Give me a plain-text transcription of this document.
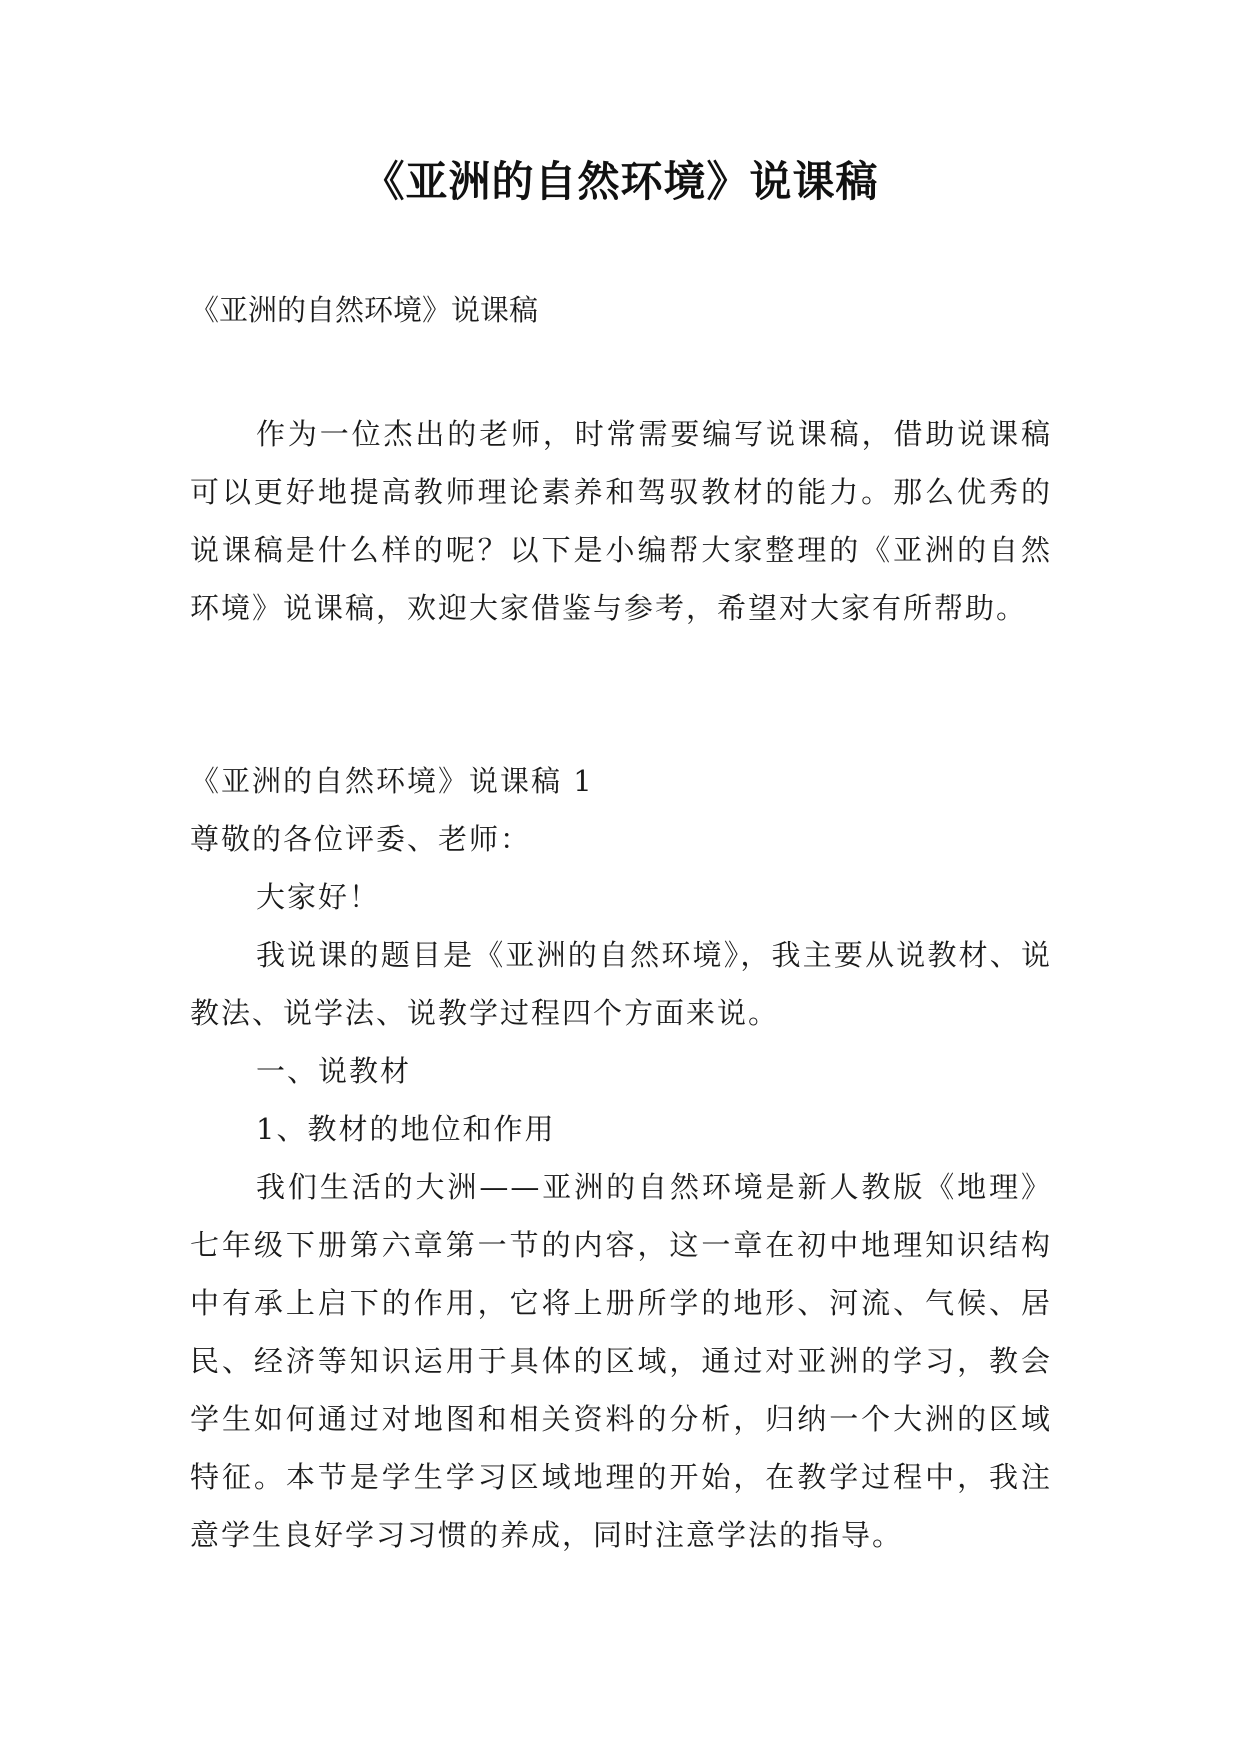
《亚洲的自然环境》说课稿
《亚洲的自然环境》说课稿

作为一位杰出的老师，时常需要编写说课稿，借助说课稿可以更好地提高教师理论素养和驾驭教材的能力。那么优秀的说课稿是什么样的呢？以下是小编帮大家整理的《亚洲的自然环境》说课稿，欢迎大家借鉴与参考，希望对大家有所帮助。

《亚洲的自然环境》说课稿 1

尊敬的各位评委、老师：

大家好！

我说课的题目是《亚洲的自然环境》，我主要从说教材、说教法、说学法、说教学过程四个方面来说。

一、说教材

1、教材的地位和作用

我们生活的大洲——亚洲的自然环境是新人教版《地理》七年级下册第六章第一节的内容，这一章在初中地理知识结构中有承上启下的作用，它将上册所学的地形、河流、气候、居民、经济等知识运用于具体的区域，通过对亚洲的学习，教会学生如何通过对地图和相关资料的分析，归纳一个大洲的区域特征。本节是学生学习区域地理的开始，在教学过程中，我注意学生良好学习习惯的养成，同时注意学法的指导。
